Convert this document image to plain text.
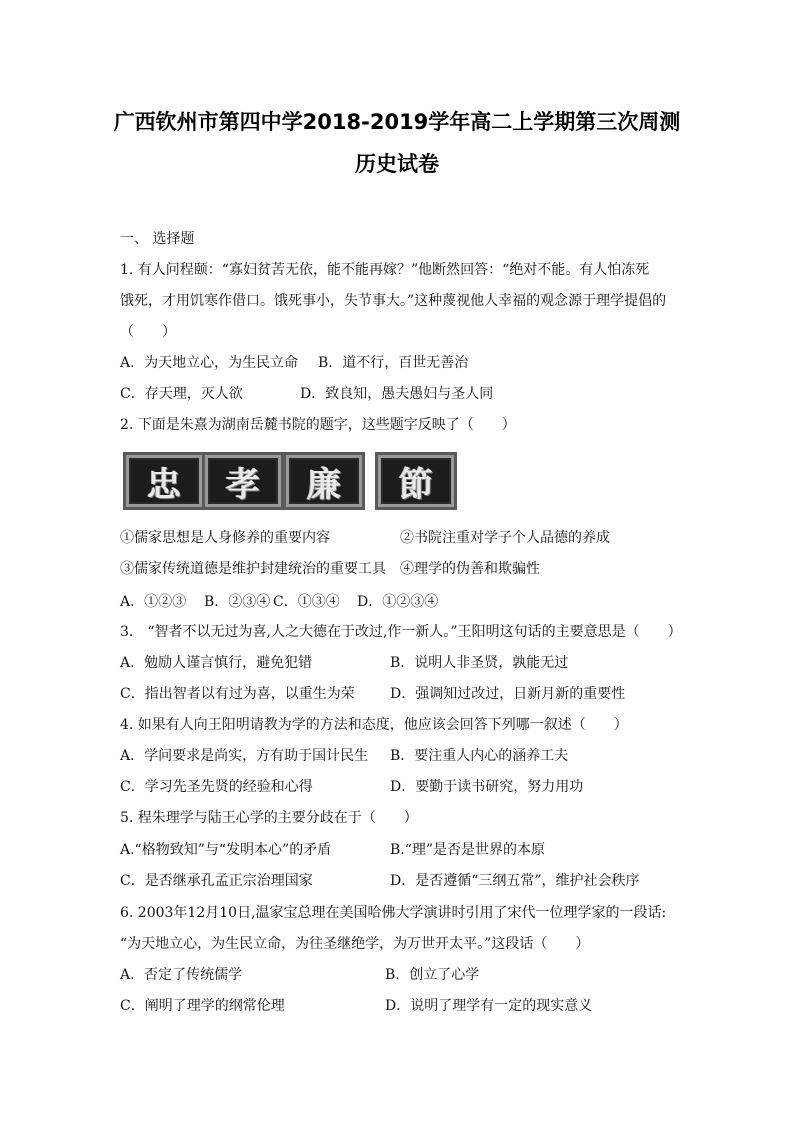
广西钦州市第四中学2018-2019学年高二上学期第三次周测
历史试卷
一、 选择题
1. 有人问程颐：“寡妇贫苦无依，能不能再嫁？”他断然回答：“绝对不能。有人怕冻死
饿死，才用饥寒作借口。饿死事小，失节事大。”这种蔑视他人幸福的观念源于理学提倡的
（　　）
A．为天地立心，为生民立命 B．道不行，百世无善治
C．存天理，灭人欲	D．致良知，愚夫愚妇与圣人同
2. 下面是朱熹为湖南岳麓书院的题字，这些题字反映了（　　）
忠 孝 廉 節
①儒家思想是人身修养的重要内容	②书院注重对学子个人品德的养成
③儒家传统道德是维护封建统治的重要工具 ④理学的伪善和欺骗性
A．①②③ B．②③④ C．①③④ D．①②③④
3.　“智者不以无过为喜,人之大德在于改过,作一新人。”王阳明这句话的主要意思是（　　）
A．勉励人谨言慎行，避免犯错	B．说明人非圣贤，孰能无过
C．指出智者以有过为喜，以重生为荣	D．强调知过改过，日新月新的重要性
4. 如果有人向王阳明请教为学的方法和态度，他应该会回答下列哪一叙述（　　）
A．学问要求是尚实，方有助于国计民生 B．要注重人内心的涵养工夫
C．学习先圣先贤的经验和心得	D．要勤于读书研究，努力用功
5. 程朱理学与陆王心学的主要分歧在于（　　）
A.“格物致知”与“发明本心”的矛盾	B.“理”是否是世界的本原
C．是否继承孔孟正宗治理国家	D．是否遵循“三纲五常”，维护社会秩序
6. 2003年12月10日,温家宝总理在美国哈佛大学演讲时引用了宋代一位理学家的一段话:
“为天地立心，为生民立命，为往圣继绝学，为万世开太平。”这段话（　　）
A．否定了传统儒学	B．创立了心学
C．阐明了理学的纲常伦理	D．说明了理学有一定的现实意义
